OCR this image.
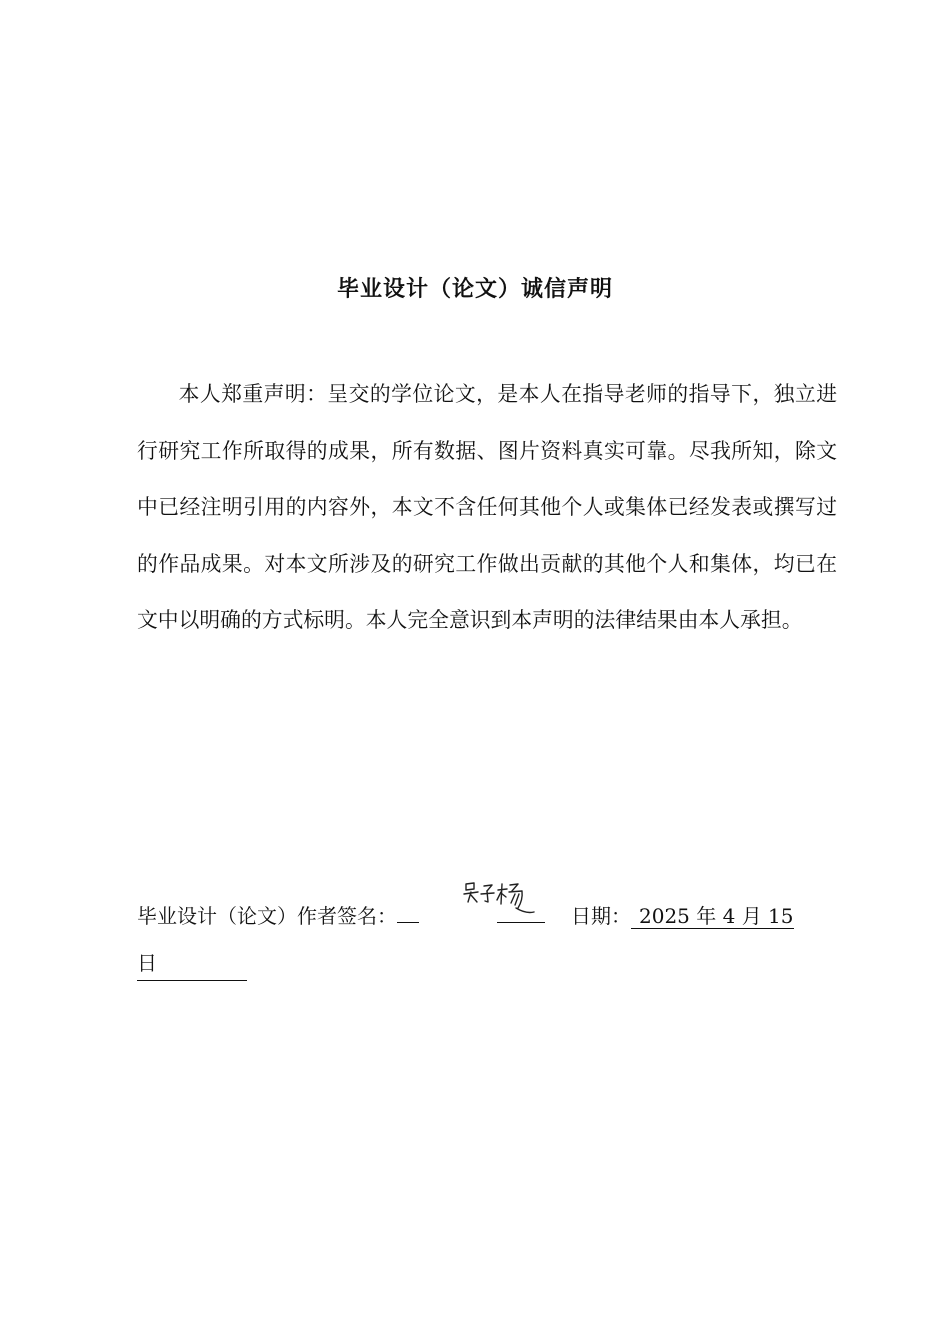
毕业设计（论文）诚信声明

本人郑重声明：呈交的学位论文，是本人在指导老师的指导下，独立进行研究工作所取得的成果，所有数据、图片资料真实可靠。尽我所知，除文中已经注明引用的内容外，本文不含任何其他个人或集体已经发表或撰写过的作品成果。对本文所涉及的研究工作做出贡献的其他个人和集体，均已在文中以明确的方式标明。本人完全意识到本声明的法律结果由本人承担。

毕业设计（论文）作者签名：	日期： 2025 年 4 月 15
日
